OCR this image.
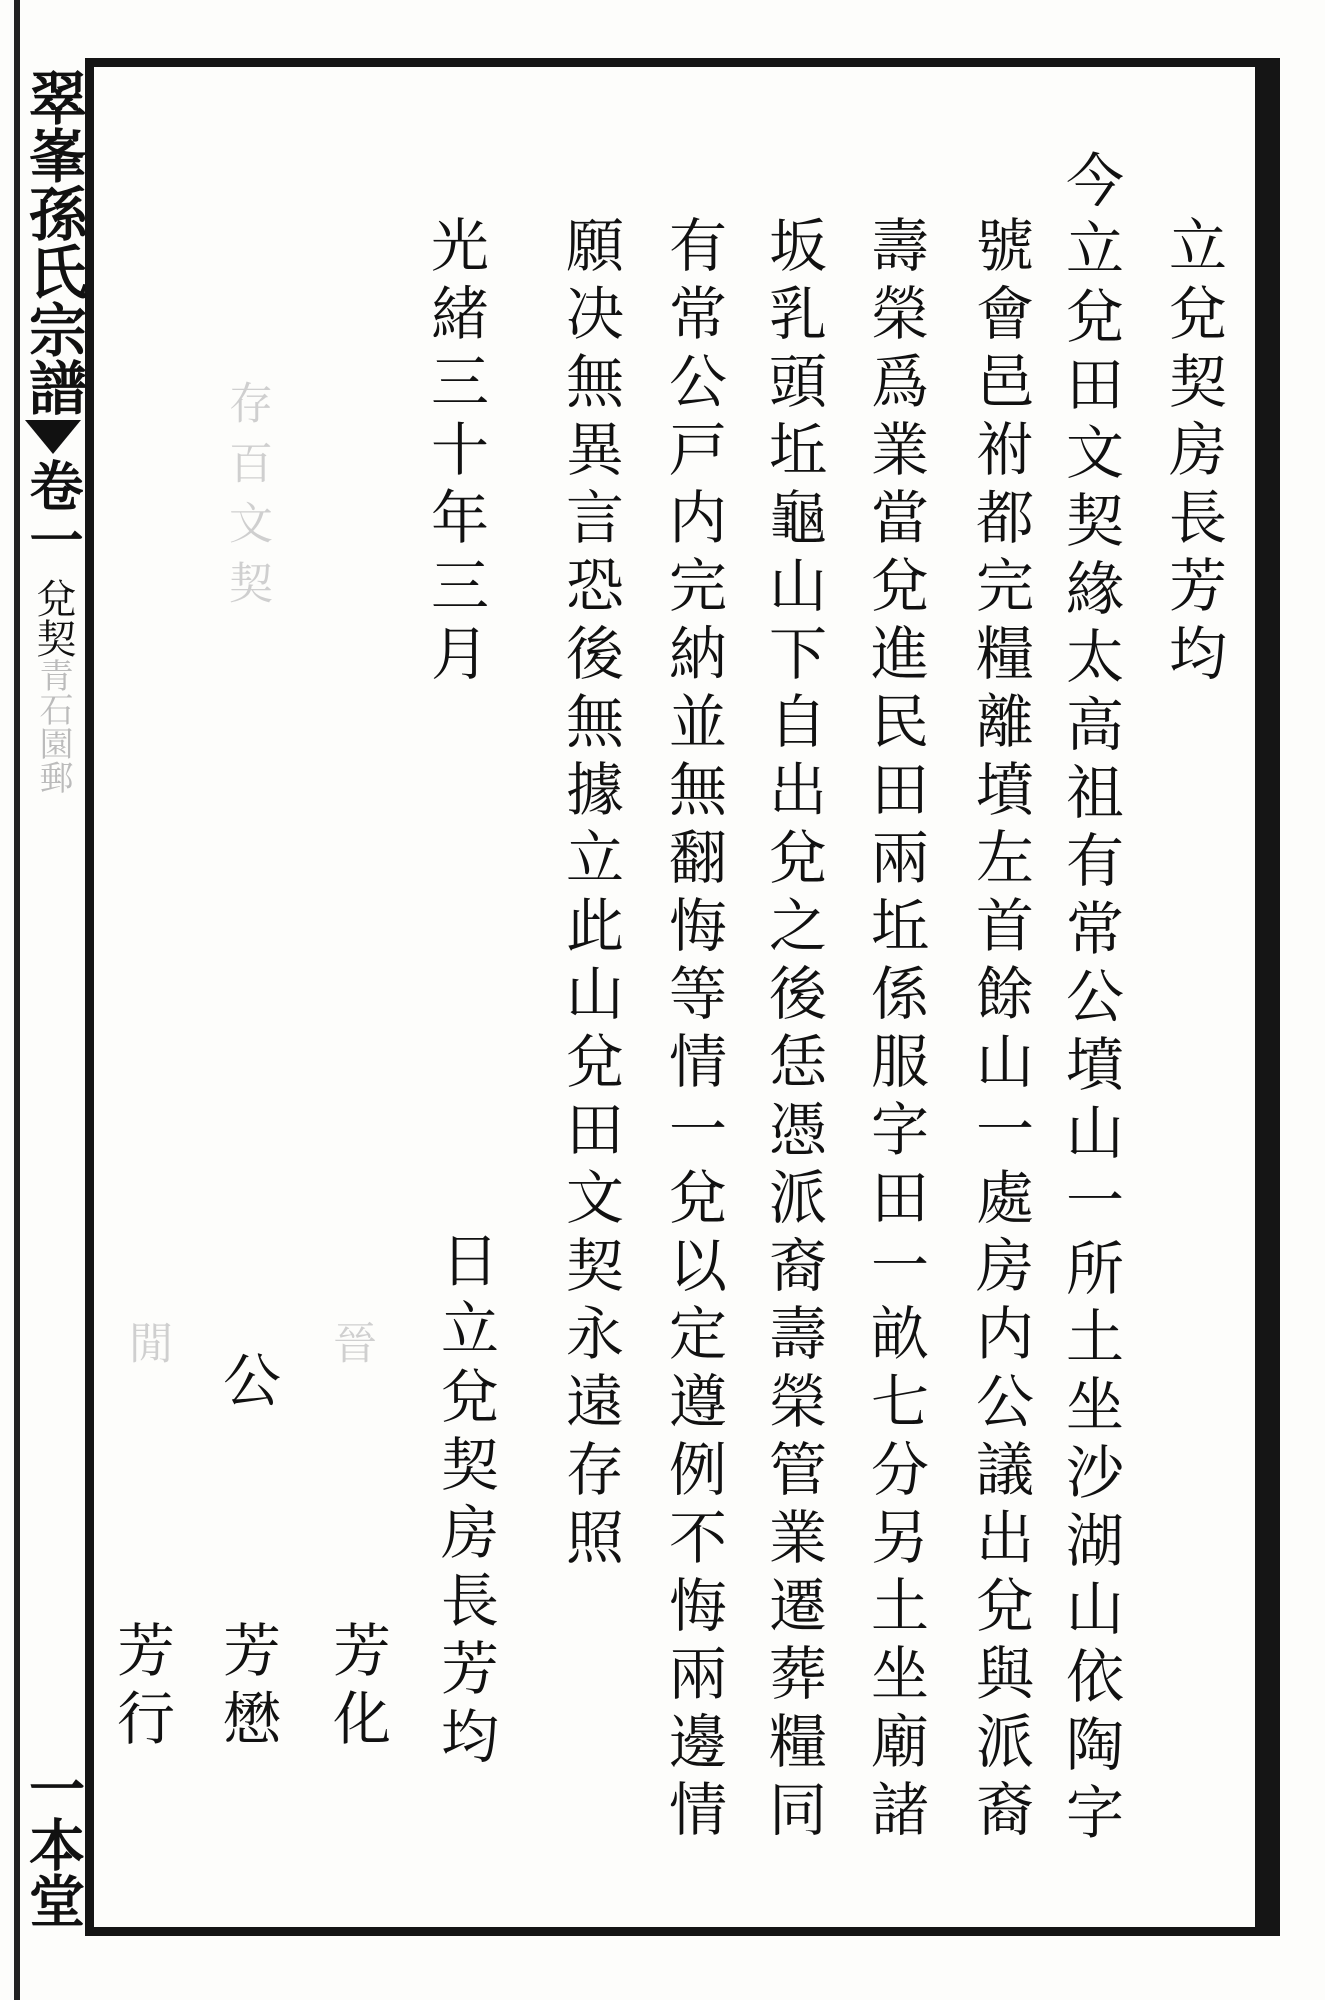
翠峯孫氏宗譜
卷一
兌契
青石園郵
一本堂
立兌契房長芳均
今立兌田文契緣太高祖有常公墳山一所土坐沙湖山依陶字
號會邑祔都完糧離墳左首餘山一處房内公議出兌與派裔
壽榮爲業當兌進民田兩坵係服字田一畝七分另土坐廟諸
坂乳頭坵龜山下自出兌之後恁憑派裔壽榮管業遷葬糧同
有常公戸内完納並無翻悔等情一兌以定遵例不悔兩邊情
願决無異言恐後無據立此山兌田文契永遠存照
光緒三十年三月
日立兌契房長芳均
公
芳化
芳懋
芳行
存百文契
閒	晉
